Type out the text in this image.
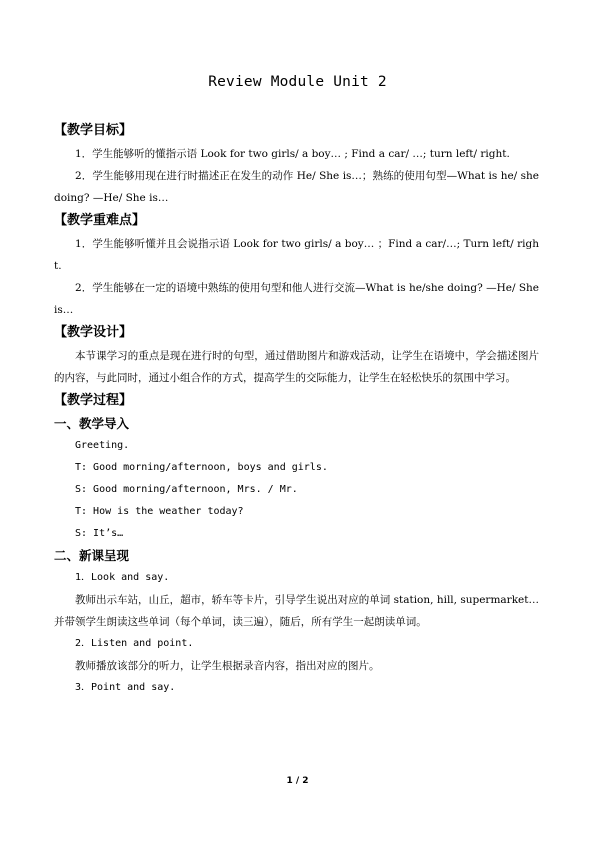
Review Module Unit 2
【教学目标】

1．学生能够听的懂指示语 Look for two girls/ a boy… ; Find a car/ …; turn left/ right.

2．学生能够用现在进行时描述正在发生的动作 He/ She is…；熟练的使用句型—What is he/ she doing? —He/ She is…

【教学重难点】

1．学生能够听懂并且会说指示语 Look for two girls/ a boy… ；Find a car/…; Turn left/ right.

2．学生能够在一定的语境中熟练的使用句型和他人进行交流—What is he/she doing? —He/ She is…

【教学设计】

本节课学习的重点是现在进行时的句型，通过借助图片和游戏活动，让学生在语境中，学会描述图片的内容，与此同时，通过小组合作的方式，提高学生的交际能力，让学生在轻松快乐的氛围中学习。

【教学过程】
一、教学导入

Greeting.

T: Good morning/afternoon, boys and girls.

S: Good morning/afternoon, Mrs. / Mr.

T: How is the weather today?

S: It’s…

二、新课呈现

1．Look and say.

教师出示车站，山丘，超市，轿车等卡片，引导学生说出对应的单词 station, hill, supermarket… 并带领学生朗读这些单词（每个单词，读三遍），随后，所有学生一起朗读单词。

2．Listen and point.

教师播放该部分的听力，让学生根据录音内容，指出对应的图片。

3．Point and say.

1 / 2
